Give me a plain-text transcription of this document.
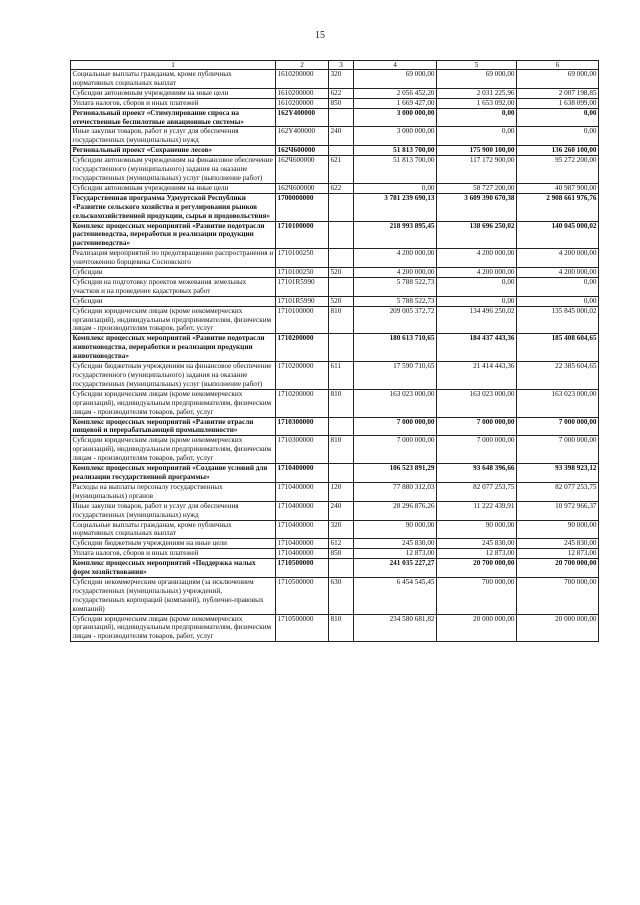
15
1	2	3	4	5	6
Социальные выплаты гражданам, кроме публичных нормативных социальных выплат	1610200000	320	69 000,00	69 000,00	69 000,00
Субсидии автономным учреждениям на иные цели	1610200000	622	2 056 452,20	2 031 225,96	2 007 198,85
Уплата налогов, сборов и иных платежей	1610200000	850	1 669 427,00	1 653 092,00	1 638 099,00
Региональный проект «Стимулирование спроса на отечественные беспилотные авиационные системы»	162Y400000		3 000 000,00	0,00	0,00
Иные закупки товаров, работ и услуг для обеспечения государственных (муниципальных) нужд	162Y400000	240	3 000 000,00	0,00	0,00
Региональный проект «Сохранение лесов»	162Ч600000		51 813 700,00	175 900 100,00	136 260 100,00
Субсидии автономным учреждениям на финансовое обеспечение государственного (муниципального) задания на оказание государственных (муниципальных) услуг (выполнение работ)	162Ч600000	621	51 813 700,00	117 172 900,00	95 272 200,00
Субсидии автономным учреждениям на иные цели	162Ч600000	622	0,00	58 727 200,00	40 987 900,00
Государственная программа Удмуртской Республики «Развитие сельского хозяйства и регулирования рынков сельскохозяйственной продукции, сырья и продовольствия»	1700000000		3 781 239 690,13	3 609 390 670,38	2 908 661 976,76
Комплекс процессных мероприятий «Развитие подотрасли растениеводства, переработки и реализации продукции растениеводства»	1710100000		218 993 895,45	138 696 250,02	140 045 000,02
Реализация мероприятий по предотвращению распространения и уничтожению борщевика Сосновского	1710100250		4 200 000,00	4 200 000,00	4 200 000,00
Субсидии	1710100250	520	4 200 000,00	4 200 000,00	4 200 000,00
Субсидия на подготовку проектов межевания земельных участков и на проведение кадастровых работ	17101R5990		5 788 522,73	0,00	0,00
Субсидии	17101R5990	520	5 788 522,73	0,00	0,00
Субсидии юридическим лицам (кроме некоммерческих организаций), индивидуальным предпринимателям, физическим лицам - производителям товаров, работ, услуг	1710100000	810	209 005 372,72	134 496 250,02	135 845 000,02
Комплекс процессных мероприятий «Развитие подотрасли животноводства, переработки и реализации продукции животноводства»	1710200000		180 613 710,65	184 437 443,36	185 408 604,65
Субсидии бюджетным учреждениям на финансовое обеспечение государственного (муниципального) задания на оказание государственных (муниципальных) услуг (выполнение работ)	1710200000	611	17 590 710,65	21 414 443,36	22 385 604,65
Субсидии юридическим лицам (кроме некоммерческих организаций), индивидуальным предпринимателям, физическим лицам - производителям товаров, работ, услуг	1710200000	810	163 023 000,00	163 023 000,00	163 023 000,00
Комплекс процессных мероприятий «Развитие отрасли пищевой и перерабатывающей промышленности»	1710300000		7 000 000,00	7 000 000,00	7 000 000,00
Субсидии юридическим лицам (кроме некоммерческих организаций), индивидуальным предпринимателям, физическим лицам - производителям товаров, работ, услуг	1710300000	810	7 000 000,00	7 000 000,00	7 000 000,00
Комплекс процессных мероприятий «Создание условий для реализации государственной программы»	1710400000		106 523 891,29	93 648 396,66	93 398 923,12
Расходы на выплаты персоналу государственных (муниципальных) органов	1710400000	120	77 880 312,03	82 077 253,75	82 077 253,75
Иные закупки товаров, работ и услуг для обеспечения государственных (муниципальных) нужд	1710400000	240	28 296 876,26	11 222 439,91	10 972 966,37
Социальные выплаты гражданам, кроме публичных нормативных социальных выплат	1710400000	320	90 000,00	90 000,00	90 000,00
Субсидии бюджетным учреждениям на иные цели	1710400000	612	245 830,00	245 830,00	245 830,00
Уплата налогов, сборов и иных платежей	1710400000	850	12 873,00	12 873,00	12 873,00
Комплекс процессных мероприятий «Поддержка малых форм хозяйствования»	1710500000		241 035 227,27	20 700 000,00	20 700 000,00
Субсидии некоммерческим организациям (за исключением государственных (муниципальных) учреждений, государственных корпораций (компаний), публично-правовых компаний)	1710500000	630	6 454 545,45	700 000,00	700 000,00
Субсидии юридическим лицам (кроме некоммерческих организаций), индивидуальным предпринимателям, физическим лицам - производителям товаров, работ, услуг	1710500000	810	234 580 681,82	20 000 000,00	20 000 000,00
